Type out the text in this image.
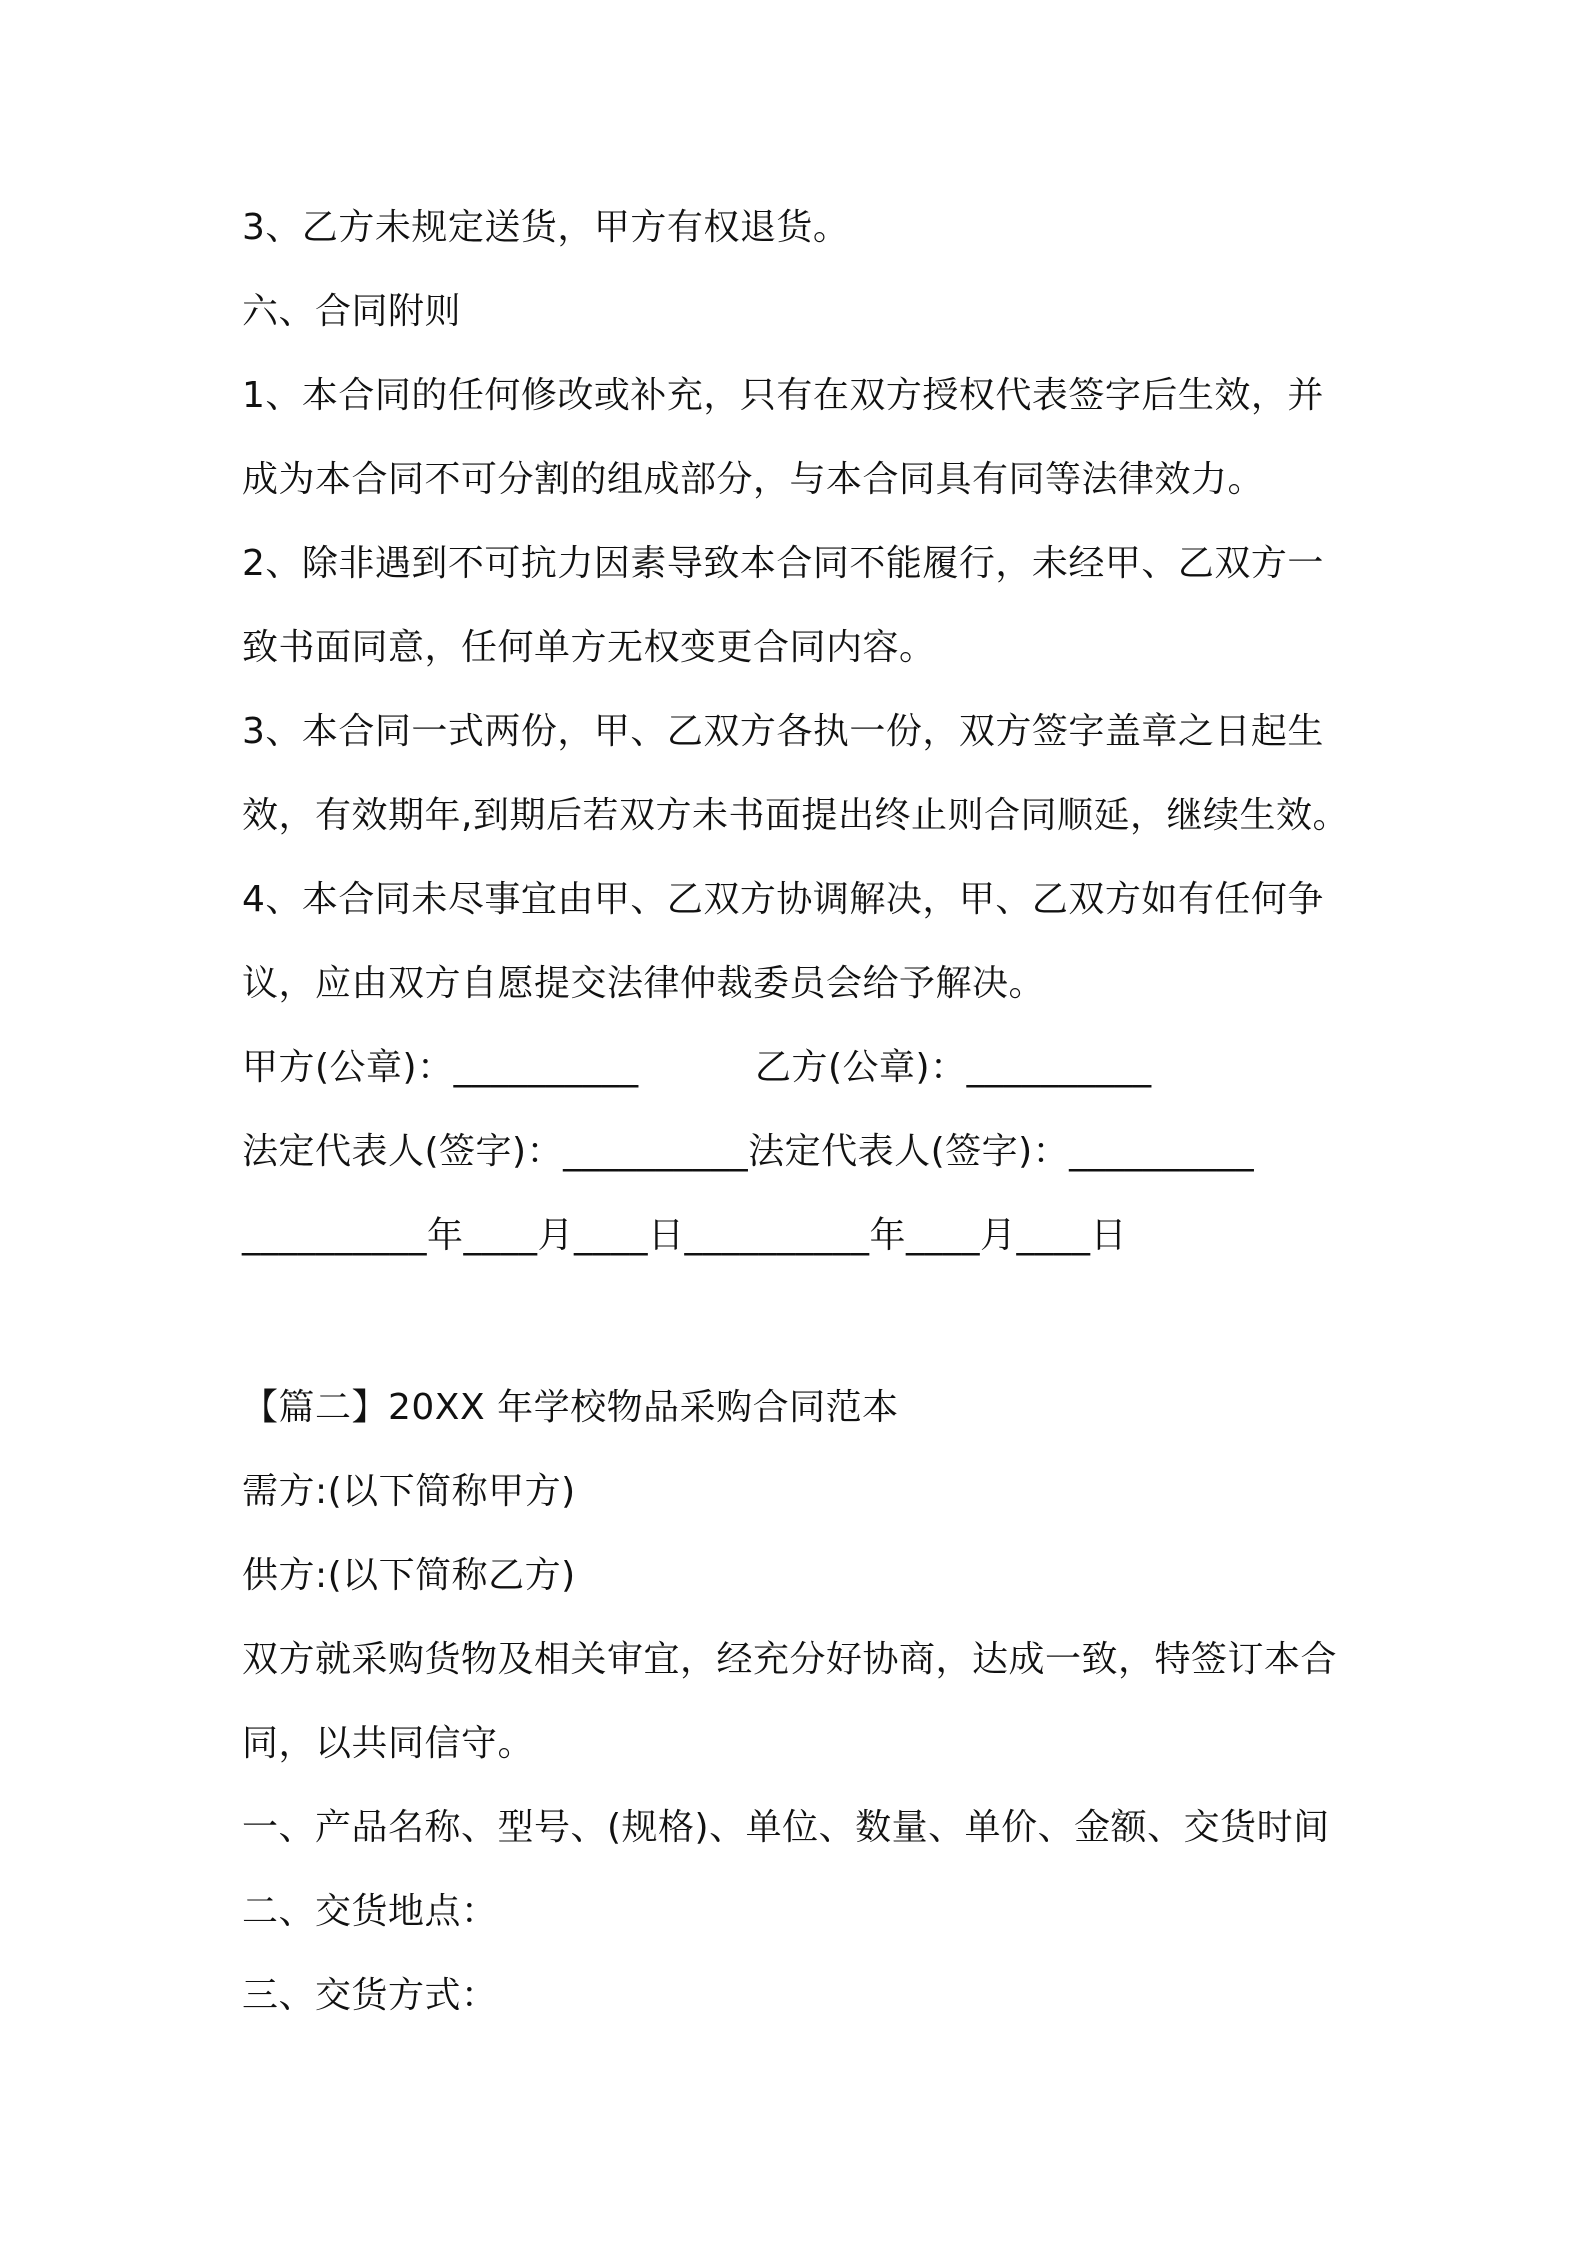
3、乙方未规定送货，甲方有权退货。

六、合同附则

1、本合同的任何修改或补充，只有在双方授权代表签字后生效，并

成为本合同不可分割的组成部分，与本合同具有同等法律效力。

2、除非遇到不可抗力因素导致本合同不能履行，未经甲、乙双方一

致书面同意，任何单方无权变更合同内容。

3、本合同一式两份，甲、乙双方各执一份，双方签字盖章之日起生

效，有效期年,到期后若双方未书面提出终止则合同顺延，继续生效。

4、本合同未尽事宜由甲、乙双方协调解决，甲、乙双方如有任何争

议，应由双方自愿提交法律仲裁委员会给予解决。

甲方(公章)：__________	乙方(公章)：__________

法定代表人(签字)：__________法定代表人(签字)：__________

__________年____月____日__________年____月____日

【篇二】20XX 年学校物品采购合同范本

需方:(以下简称甲方)

供方:(以下简称乙方)

双方就采购货物及相关审宜，经充分好协商，达成一致，特签订本合

同，以共同信守。

一、产品名称、型号、(规格)、单位、数量、单价、金额、交货时间

二、交货地点：

三、交货方式：
